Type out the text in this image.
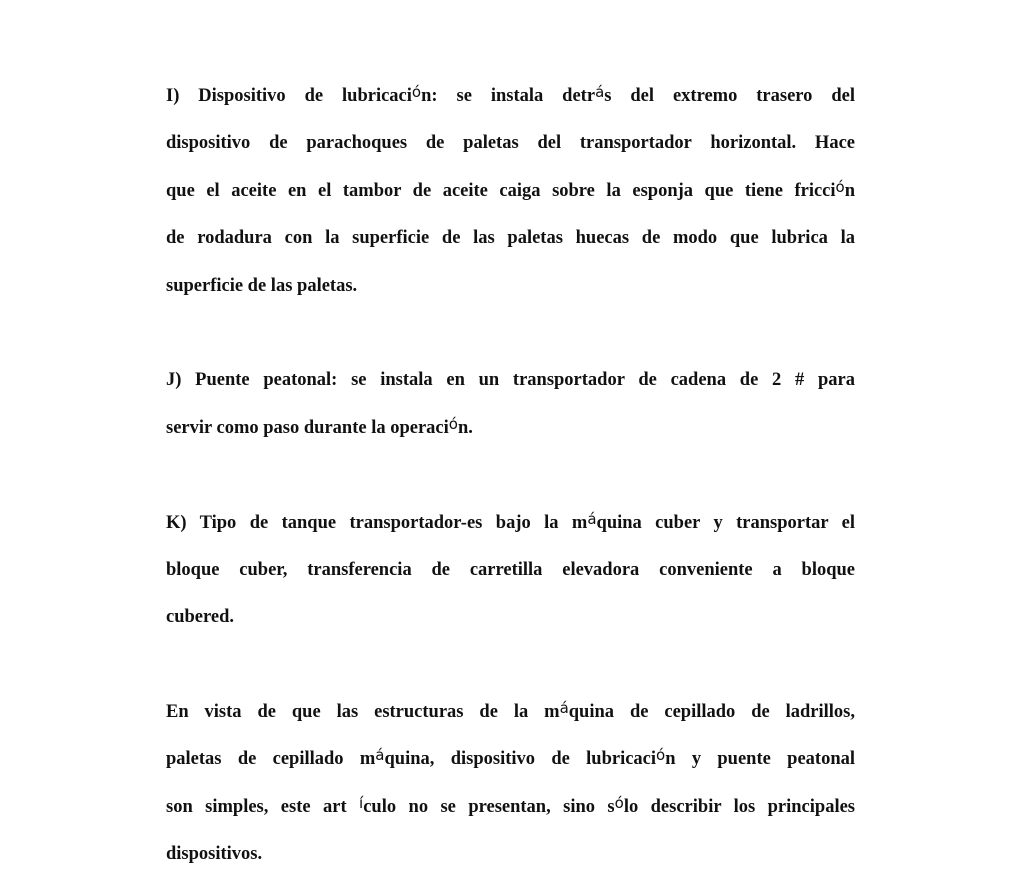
I) Dispositivo de lubricaci$^ó$n: se instala detr$^á$s del extremo trasero del
dispositivo de parachoques de paletas del transportador horizontal. Hace
que el aceite en el tambor de aceite caiga sobre la esponja que tiene fricci$^ó$n
de rodadura con la superficie de las paletas huecas de modo que lubrica la
superficie de las paletas.
J) Puente peatonal: se instala en un transportador de cadena de 2 # para
servir como paso durante la operaci$^ó$n.
K) Tipo de tanque transportador-es bajo la $m^áquina$ cuber y transportar el
bloque cuber, transferencia de carretilla elevadora conveniente a bloque
cubered.
En vista de que las estructuras de la $m^áquina$ de cepillado de ladrillos,
paletas de cepillado $m^áquina$, dispositivo de lubricaci$^ó$n y puente peatonal
son simples, este art $^í$culo no se presentan, sino $s^ólo$ describir los principales
dispositivos.
